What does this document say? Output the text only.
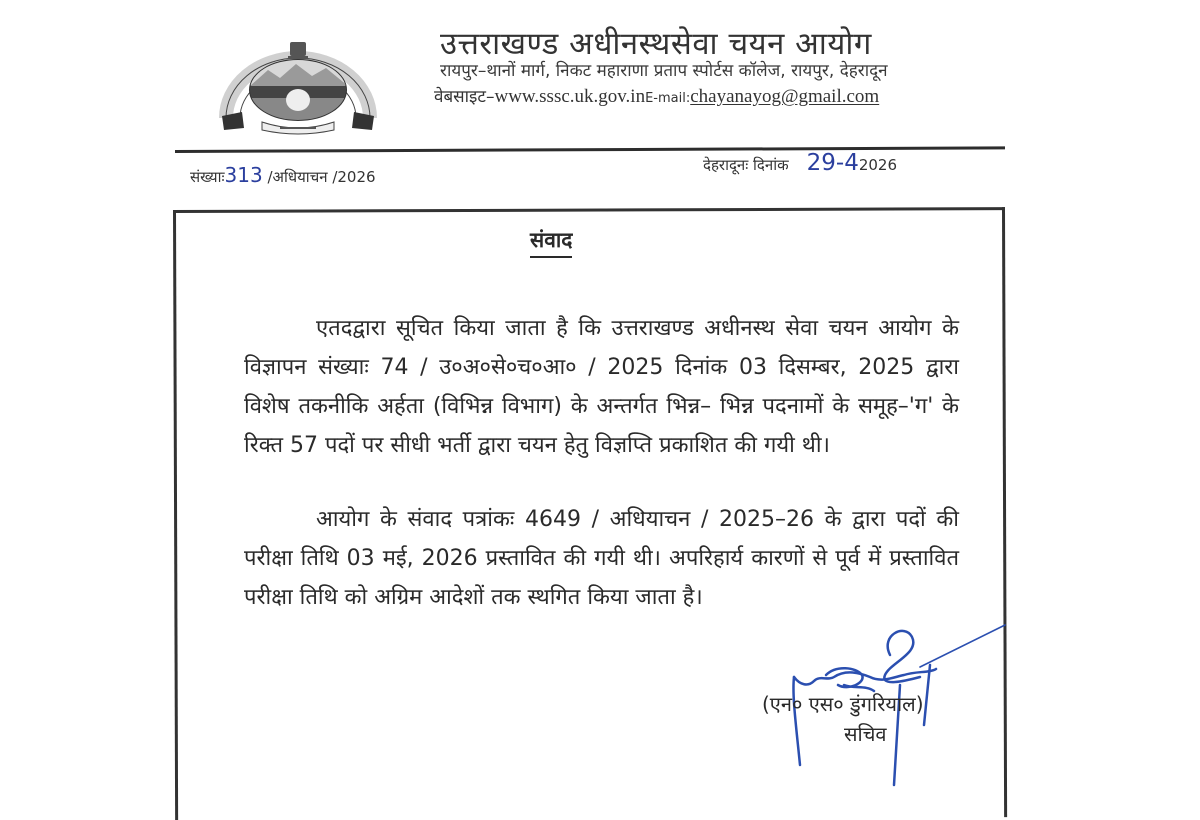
उत्तराखण्ड अधीनस्थसेवा चयन आयोग
रायपुर–थानों मार्ग, निकट महाराणा प्रताप स्पोर्टस कॉलेज, रायपुर, देहरादून
वेबसाइट–www.sssc.uk.gov.inE-mail:chayanayog@gmail.com
संख्याः313 /अधियाचन /2026
देहरादूनः दिनांक 29-42026
संवाद

एतदद्वारा सूचित किया जाता है कि उत्तराखण्ड अधीनस्थ सेवा चयन आयोग के विज्ञापन संख्याः 74 / उ०अ०से०च०आ० / 2025 दिनांक 03 दिसम्बर, 2025 द्वारा विशेष तकनीकि अर्हता (विभिन्न विभाग) के अन्तर्गत भिन्न– भिन्न पदनामों के समूह–'ग' के रिक्त 57 पदों पर सीधी भर्ती द्वारा चयन हेतु विज्ञप्ति प्रकाशित की गयी थी।

आयोग के संवाद पत्रांकः 4649 / अधियाचन / 2025–26 के द्वारा पदों की परीक्षा तिथि 03 मई, 2026 प्रस्तावित की गयी थी। अपरिहार्य कारणों से पूर्व में प्रस्तावित परीक्षा तिथि को अग्रिम आदेशों तक स्थगित किया जाता है।

(एन० एस० डुंगरियाल)
सचिव
